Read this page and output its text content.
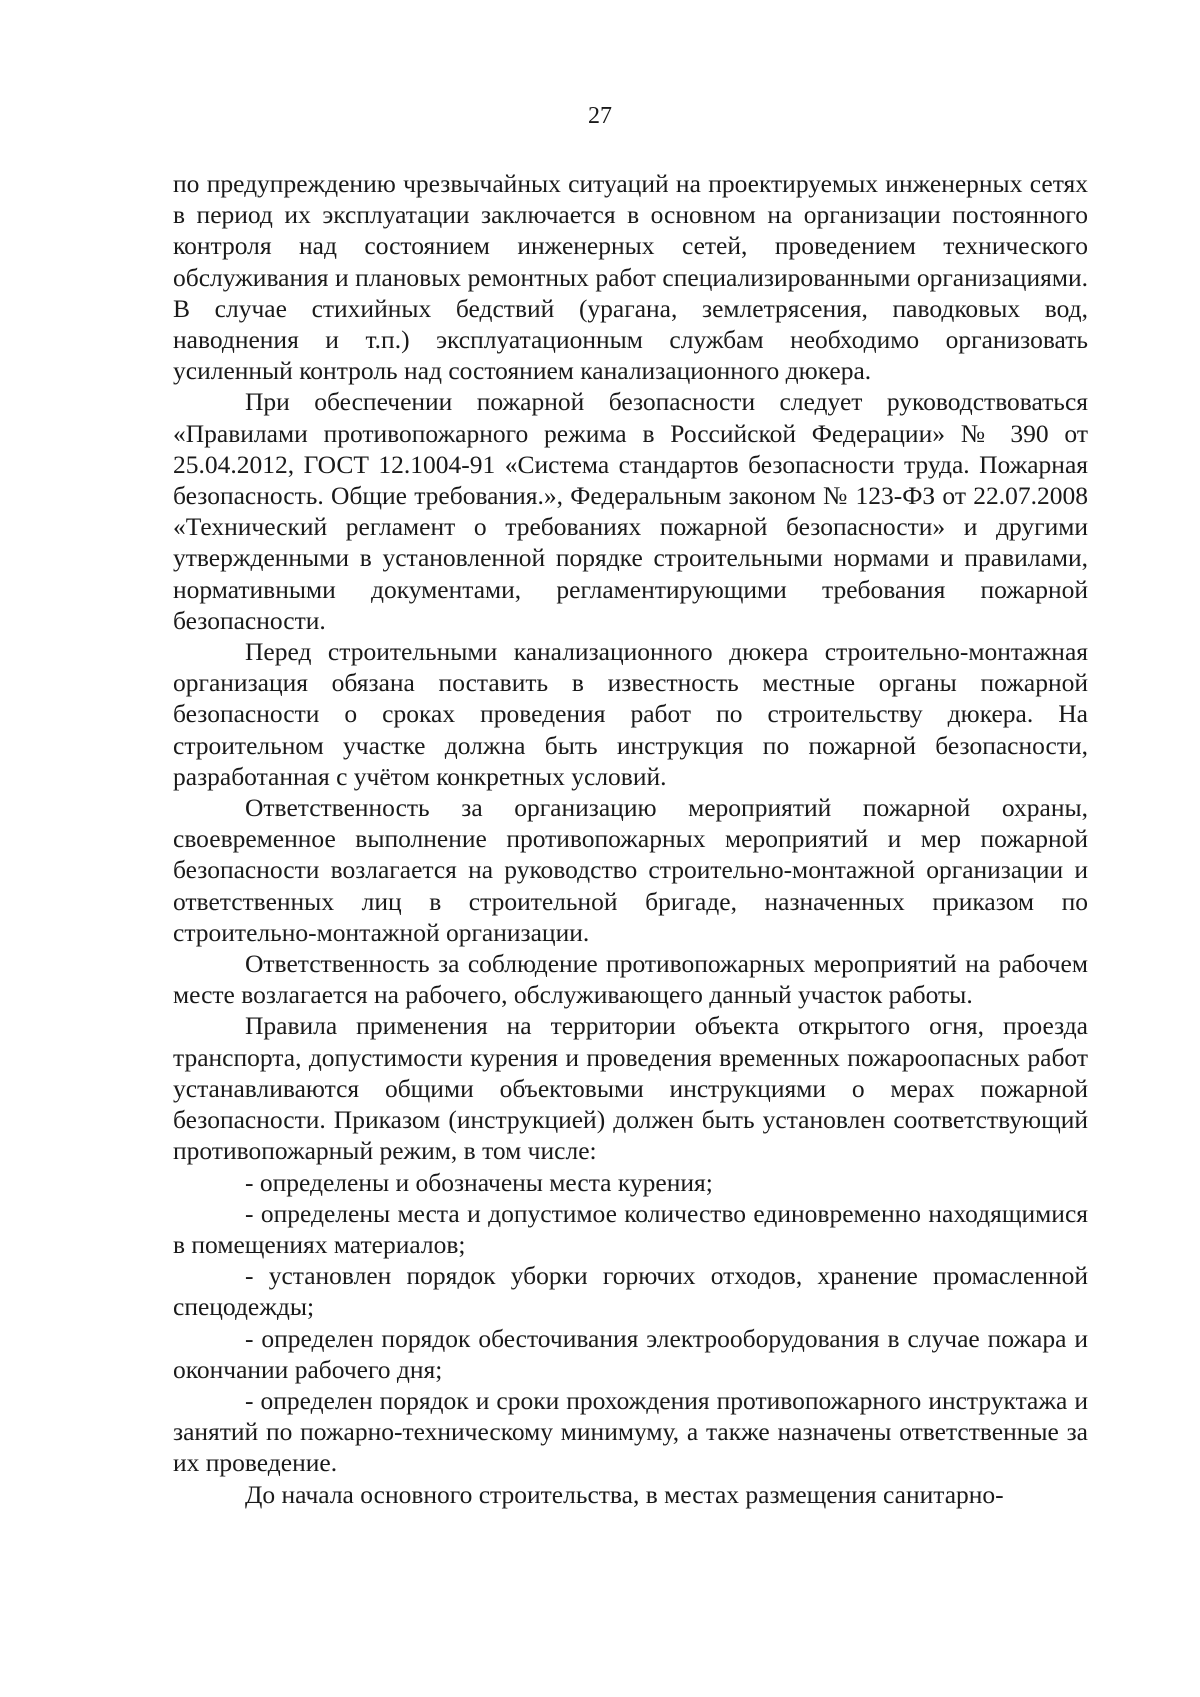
27

по предупреждению чрезвычайных ситуаций на проектируемых инженерных сетях в период их эксплуатации заключается в основном на организации постоянного контроля над состоянием инженерных сетей, проведением технического обслуживания и плановых ремонтных работ специализированными организациями. В случае стихийных бедствий (урагана, землетрясения, паводковых вод, наводнения и т.п.) эксплуатационным службам необходимо организовать усиленный контроль над состоянием канализационного дюкера.

При обеспечении пожарной безопасности следует руководствоваться «Правилами противопожарного режима в Российской Федерации» № 390 от 25.04.2012, ГОСТ 12.1004-91 «Система стандартов безопасности труда. Пожарная безопасность. Общие требования.», Федеральным законом № 123-ФЗ от 22.07.2008 «Технический регламент о требованиях пожарной безопасности» и другими утвержденными в установленной порядке строительными нормами и правилами, нормативными документами, регламентирующими требования пожарной безопасности.

Перед строительными канализационного дюкера строительно-монтажная организация обязана поставить в известность местные органы пожарной безопасности о сроках проведения работ по строительству дюкера. На строительном участке должна быть инструкция по пожарной безопасности, разработанная с учётом конкретных условий.

Ответственность за организацию мероприятий пожарной охраны, своевременное выполнение противопожарных мероприятий и мер пожарной безопасности возлагается на руководство строительно-монтажной организации и ответственных лиц в строительной бригаде, назначенных приказом по строительно-монтажной организации.

Ответственность за соблюдение противопожарных мероприятий на рабочем месте возлагается на рабочего, обслуживающего данный участок работы.

Правила применения на территории объекта открытого огня, проезда транспорта, допустимости курения и проведения временных пожароопасных работ устанавливаются общими объектовыми инструкциями о мерах пожарной безопасности. Приказом (инструкцией) должен быть установлен соответствующий противопожарный режим, в том числе:

- определены и обозначены места курения;

- определены места и допустимое количество единовременно находящимися в помещениях материалов;

- установлен порядок уборки горючих отходов, хранение промасленной спецодежды;

- определен порядок обесточивания электрооборудования в случае пожара и окончании рабочего дня;

- определен порядок и сроки прохождения противопожарного инструктажа и занятий по пожарно-техническому минимуму, а также назначены ответственные за их проведение.

До начала основного строительства, в местах размещения санитарно-
